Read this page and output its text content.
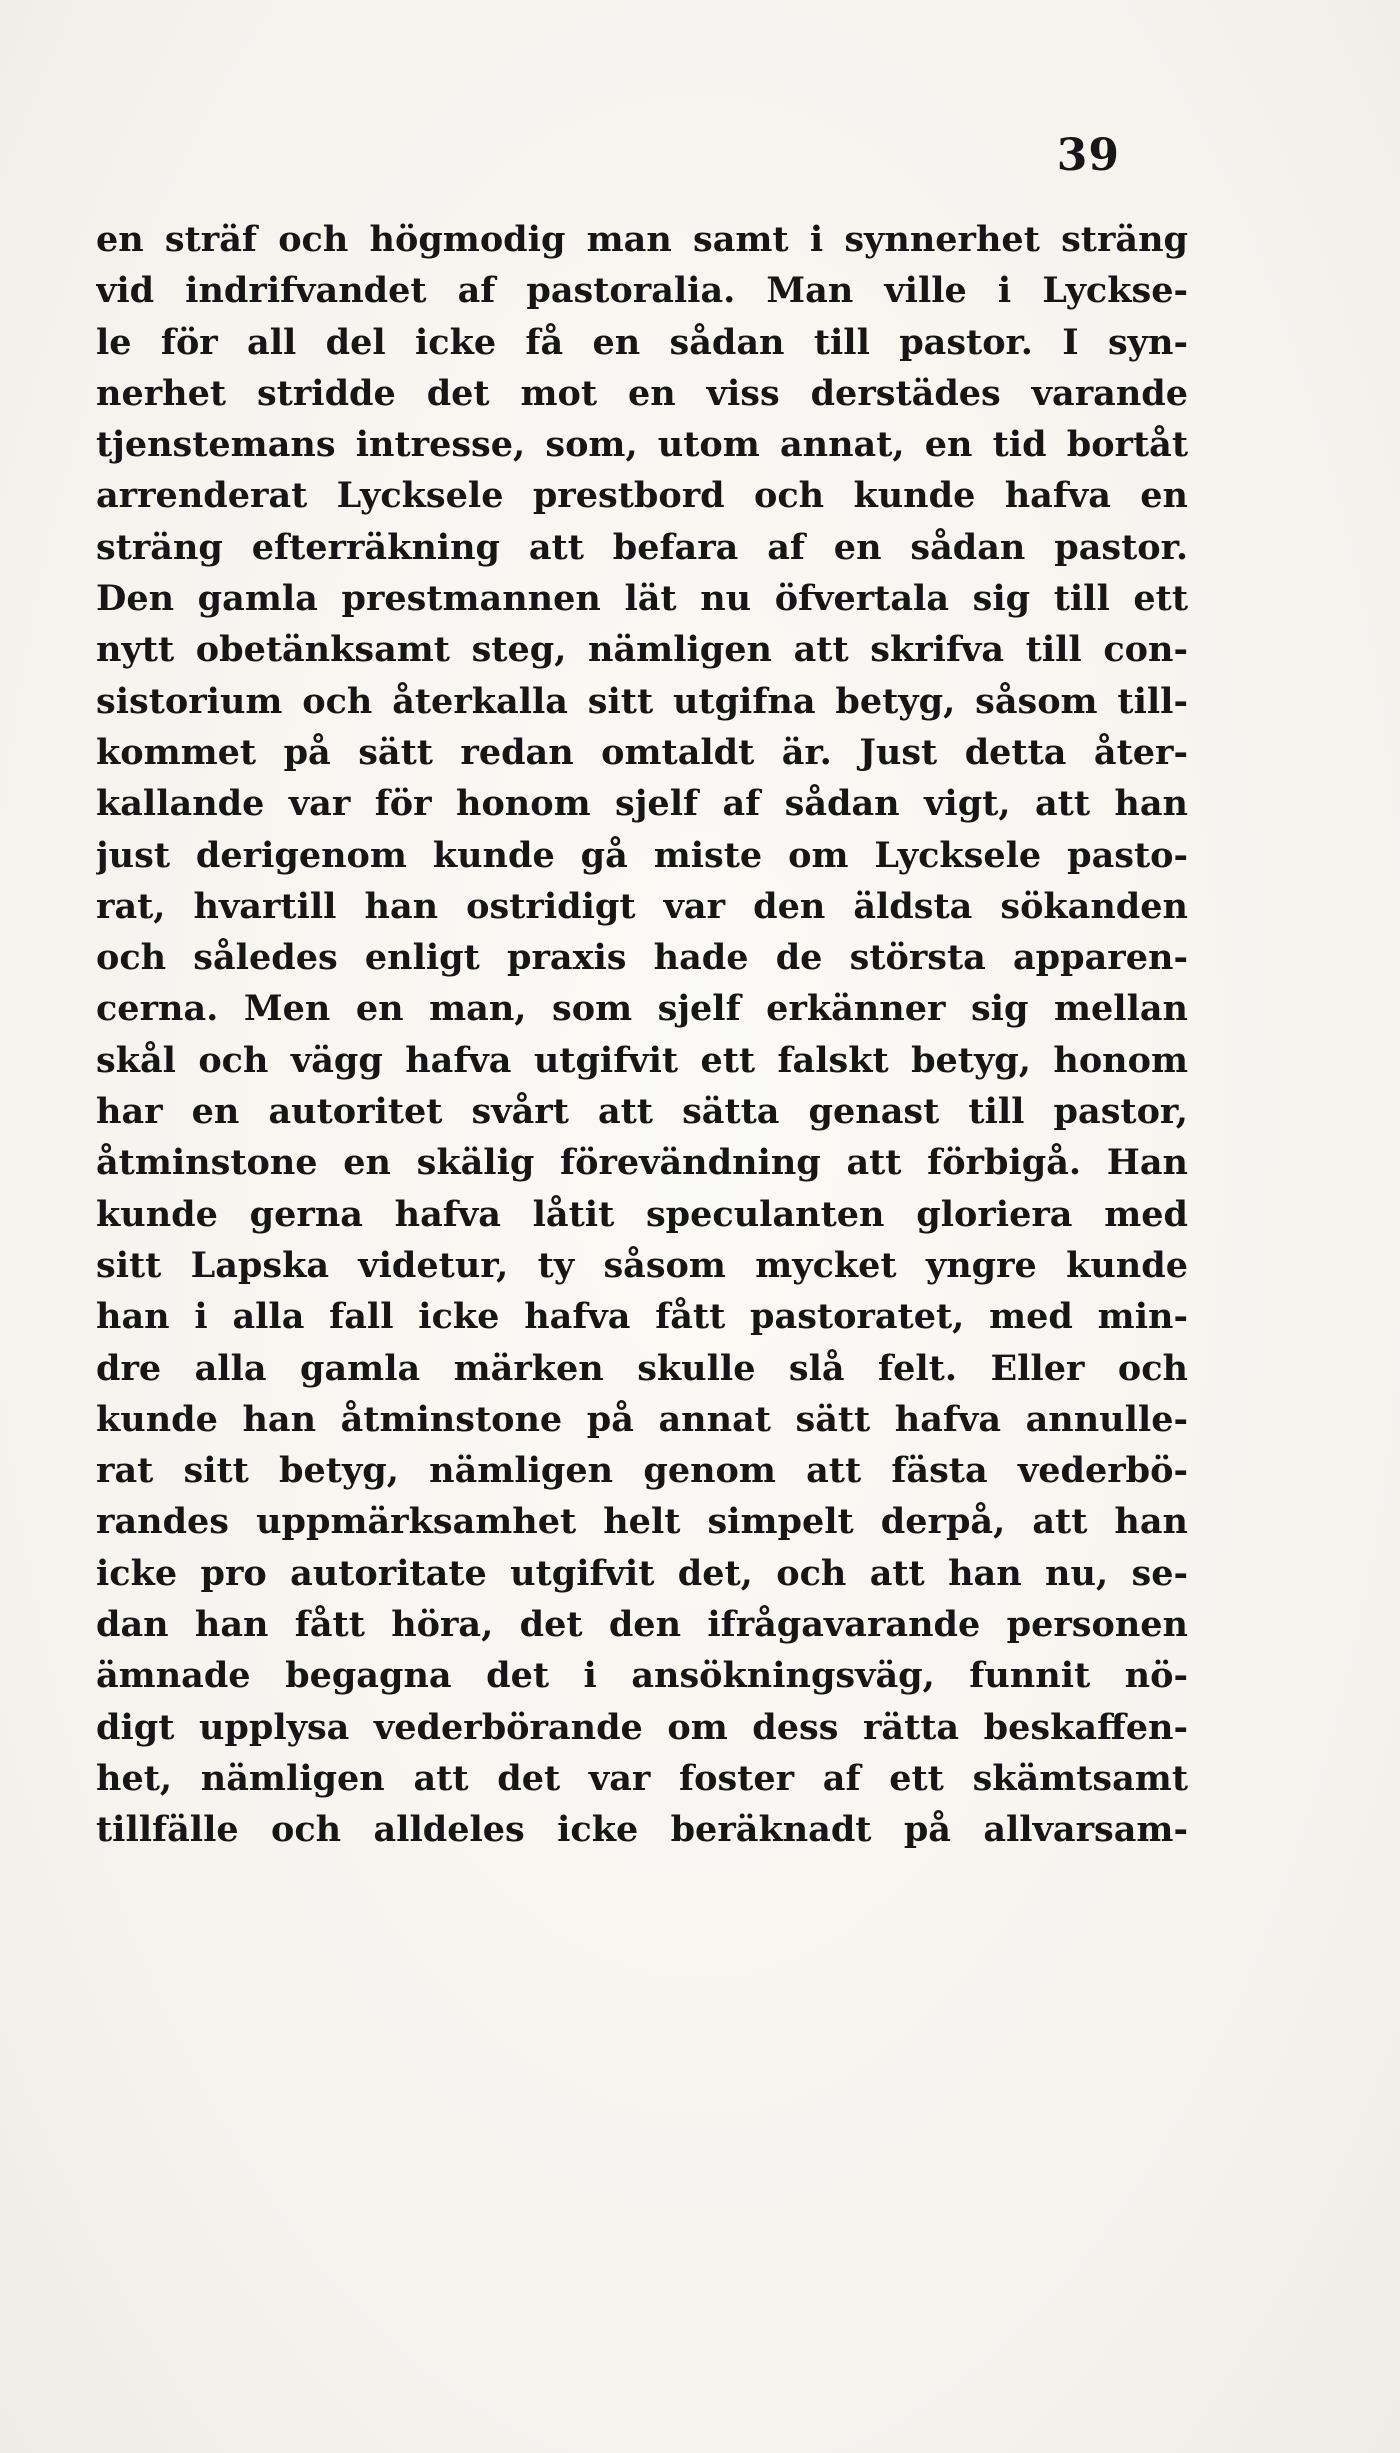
39
en sträf och högmodig man samt i synnerhet sträng
vid indrifvandet af pastoralia. Man ville i Lyckse-
le för all del icke få en sådan till pastor. I syn-
nerhet stridde det mot en viss derstädes varande
tjenstemans intresse, som, utom annat, en tid bortåt
arrenderat Lycksele prestbord och kunde hafva en
sträng efterräkning att befara af en sådan pastor.
Den gamla prestmannen lät nu öfvertala sig till ett
nytt obetänksamt steg, nämligen att skrifva till con-
sistorium och återkalla sitt utgifna betyg, såsom till-
kommet på sätt redan omtaldt är. Just detta åter-
kallande var för honom sjelf af sådan vigt, att han
just derigenom kunde gå miste om Lycksele pasto-
rat, hvartill han ostridigt var den äldsta sökanden
och således enligt praxis hade de största apparen-
cerna. Men en man, som sjelf erkänner sig mellan
skål och vägg hafva utgifvit ett falskt betyg, honom
har en autoritet svårt att sätta genast till pastor,
åtminstone en skälig förevändning att förbigå. Han
kunde gerna hafva låtit speculanten gloriera med
sitt Lapska videtur, ty såsom mycket yngre kunde
han i alla fall icke hafva fått pastoratet, med min-
dre alla gamla märken skulle slå felt. Eller och
kunde han åtminstone på annat sätt hafva annulle-
rat sitt betyg, nämligen genom att fästa vederbö-
randes uppmärksamhet helt simpelt derpå, att han
icke pro autoritate utgifvit det, och att han nu, se-
dan han fått höra, det den ifrågavarande personen
ämnade begagna det i ansökningsväg, funnit nö-
digt upplysa vederbörande om dess rätta beskaffen-
het, nämligen att det var foster af ett skämtsamt
tillfälle och alldeles icke beräknadt på allvarsam-
